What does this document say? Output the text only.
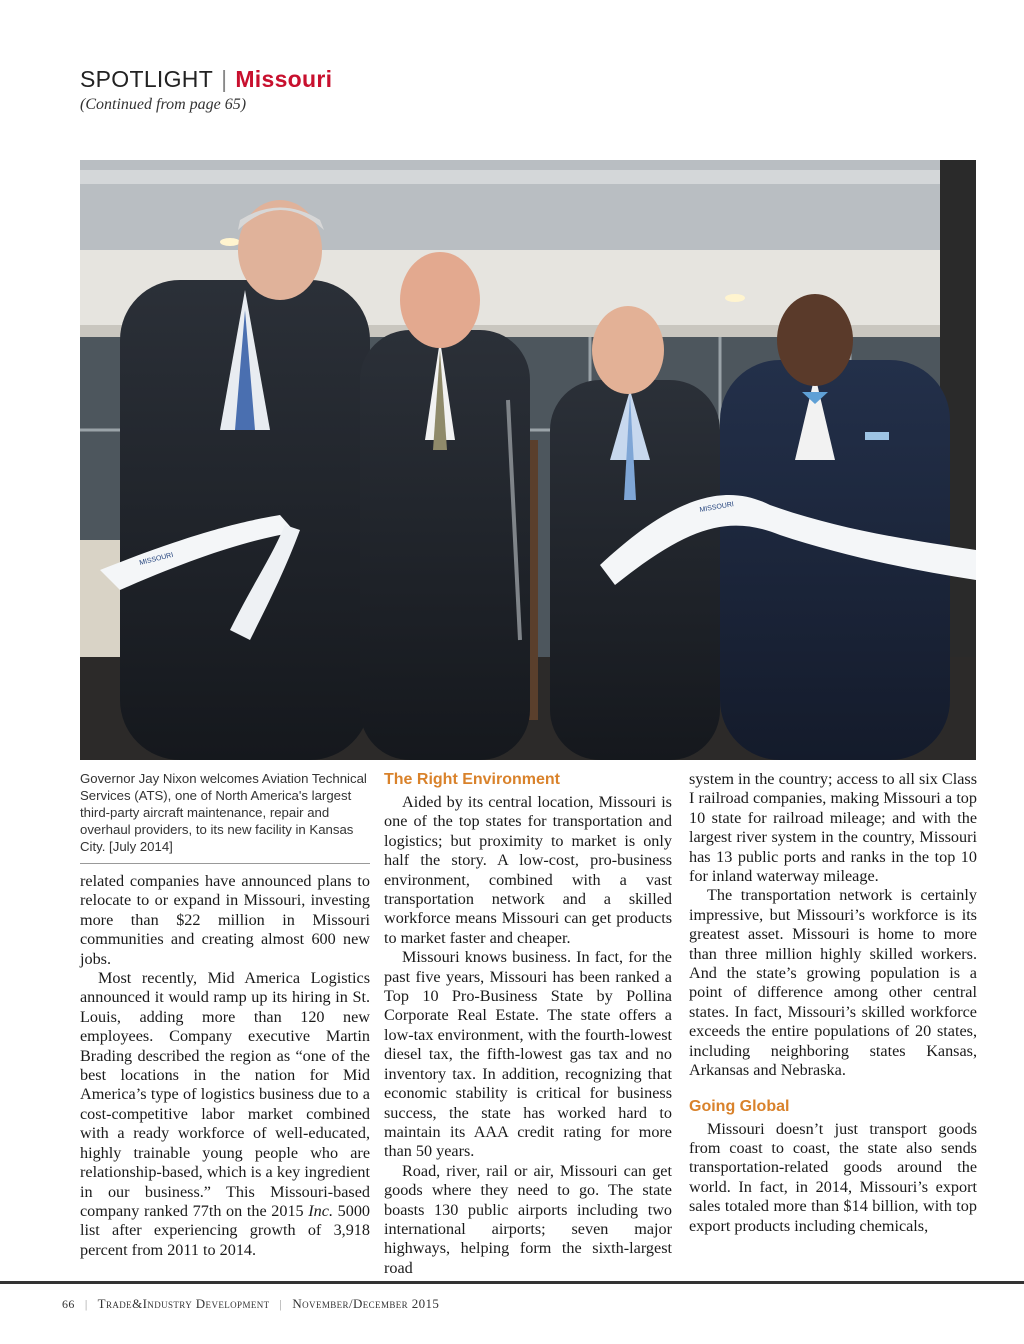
SPOTLIGHT | Missouri
(Continued from page 65)
MISSOURI
MISSOURI
Governor Jay Nixon welcomes Aviation Technical Services (ATS), one of North America's largest third-party aircraft maintenance, repair and overhaul providers, to its new facility in Kansas City. [July 2014]

related companies have announced plans to relocate to or expand in Missouri, investing more than $22 million in Missouri communities and creating almost 600 new jobs.

Most recently, Mid America Logistics announced it would ramp up its hiring in St. Louis, adding more than 120 new employees. Company executive Martin Brading described the region as “one of the best locations in the nation for Mid America’s type of logistics business due to a cost-competitive labor market combined with a ready workforce of well-educated, highly trainable young people who are relationship-based, which is a key ingredient in our business.” This Missouri-based company ranked 77th on the 2015 Inc. 5000 list after experiencing growth of 3,918 percent from 2011 to 2014.

The Right Environment

Aided by its central location, Missouri is one of the top states for transportation and logistics; but proximity to market is only half the story. A low-cost, pro-business environment, combined with a vast transportation network and a skilled workforce means Missouri can get products to market faster and cheaper.

Missouri knows business. In fact, for the past five years, Missouri has been ranked a Top 10 Pro-Business State by Pollina Corporate Real Estate. The state offers a low-tax environment, with the fourth-lowest diesel tax, the fifth-lowest gas tax and no inventory tax. In addition, recognizing that economic stability is critical for business success, the state has worked hard to maintain its AAA credit rating for more than 50 years.

Road, river, rail or air, Missouri can get goods where they need to go. The state boasts 130 public airports including two international airports; seven major highways, helping form the sixth-largest road

system in the country; access to all six Class I railroad companies, making Missouri a top 10 state for railroad mileage; and with the largest river system in the country, Missouri has 13 public ports and ranks in the top 10 for inland waterway mileage.

The transportation network is certainly impressive, but Missouri’s workforce is its greatest asset. Missouri is home to more than three million highly skilled workers. And the state’s growing population is a point of difference among other central states. In fact, Missouri’s skilled workforce exceeds the entire populations of 20 states, including neighboring states Kansas, Arkansas and Nebraska.

Going Global

Missouri doesn’t just transport goods from coast to coast, the state also sends transportation-related goods around the world. In fact, in 2014, Missouri’s export sales totaled more than $14 billion, with top export products including chemicals,

66 | Trade&Industry Development | November/December 2015
